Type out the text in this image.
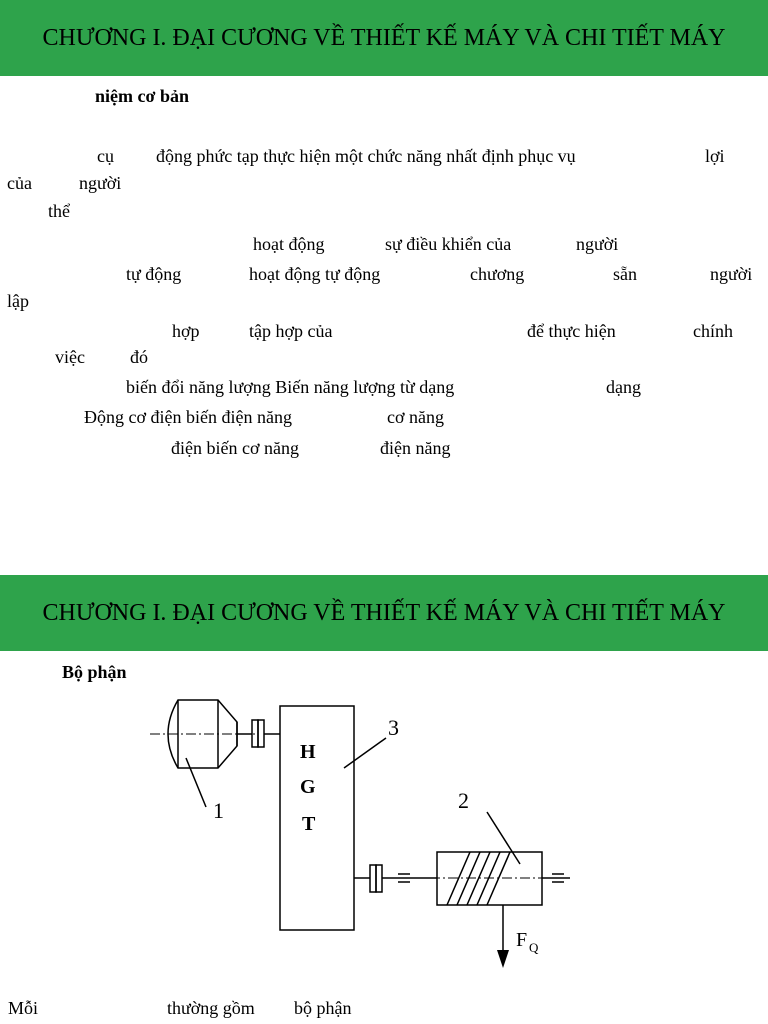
CHƯƠNG I. ĐẠI CƯƠNG VỀ THIẾT KẾ MÁY VÀ CHI TIẾT MÁY
niệm cơ bản
cụ động phức tạp thực hiện một chức năng nhất định phục vụ	lợi
của	người
thể
hoạt động	sự điều khiển của	người
tự động	hoạt động tự động	chương	sẵn	người
lập
hợp	tập hợp của	để thực hiện	chính
việc	đó
biến đổi năng lượng Biến năng lượng từ dạng	dạng
Động cơ điện biến điện năng	cơ năng
điện biến cơ năng	điện năng
CHƯƠNG I. ĐẠI CƯƠNG VỀ THIẾT KẾ MÁY VÀ CHI TIẾT MÁY
Bộ phận
H
G
T
1	2
3
F Q
Mỗi	thường gồm bộ phận
